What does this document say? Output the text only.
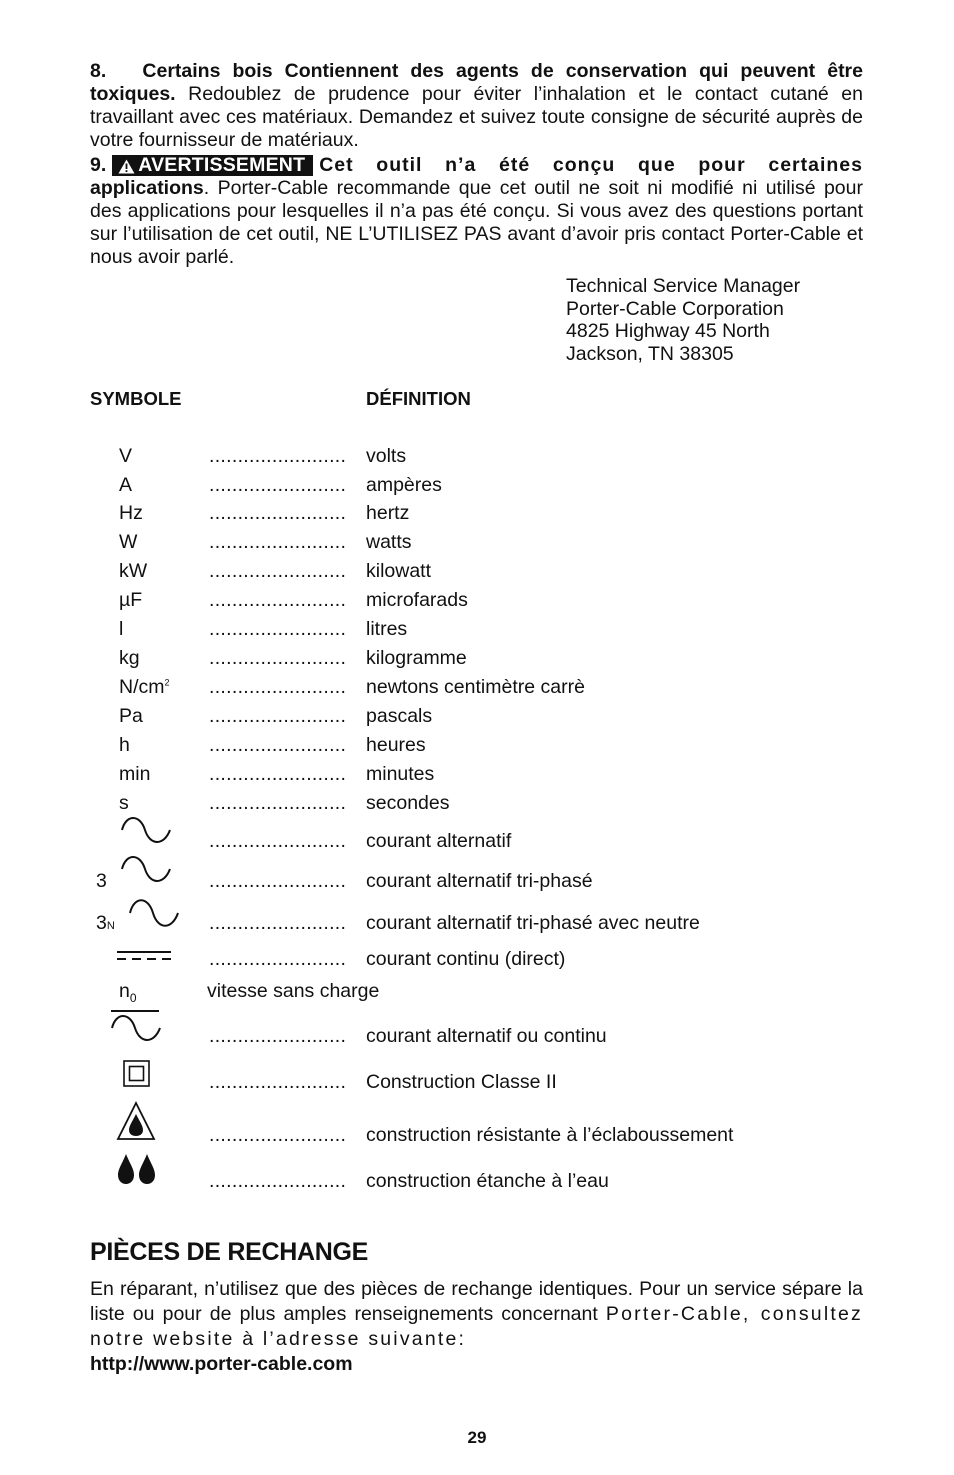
8. Certains bois Contiennent des agents de conservation qui peuvent être toxiques. Redoublez de prudence pour éviter l’inhalation et le contact cutané en travaillant avec ces matériaux. Demandez et suivez toute consigne de sécurité auprès de votre fournisseur de matériaux.

9. AVERTISSEMENT Cet outil n’a été conçu que pour certaines applications. Porter-Cable recommande que cet outil ne soit ni modifié ni utilisé pour des applications pour lesquelles il n’a pas été conçu. Si vous avez des questions portant sur l’utilisation de cet outil, NE L’UTILISEZ PAS avant d’avoir pris contact Porter-Cable et nous avoir parlé.

Technical Service Manager
Porter-Cable Corporation
4825 Highway 45 North
Jackson, TN 38305
SYMBOLE	DÉFINITION
V	........................ volts
A	........................ ampères
Hz	........................ hertz
W	........................ watts
kW	........................ kilowatt
µF	........................ microfarads
l	........................ litres
kg	........................ kilogramme
$N/cm^2$ ........................ newtons centimètre carrè
Pa	........................ pascals
h	........................ heures
min	........................ minutes
s	........................ secondes
........................ courant alternatif
3	........................ courant alternatif tri-phasé
3N	........................ courant alternatif tri-phasé avec neutre
........................ courant continu (direct)
$n_0$	vitesse sans charge
........................ courant alternatif ou continu
........................ Construction Classe II
........................ construction résistante à l’éclaboussement
........................ construction étanche à l’eau
PIÈCES DE RECHANGE

En réparant, n’utilisez que des pièces de rechange identiques. Pour un service sépare la liste ou pour de plus amples renseignements concernant Porter-Cable, consultez notre website à l’adresse suivante:
http://www.porter-cable.com

29
